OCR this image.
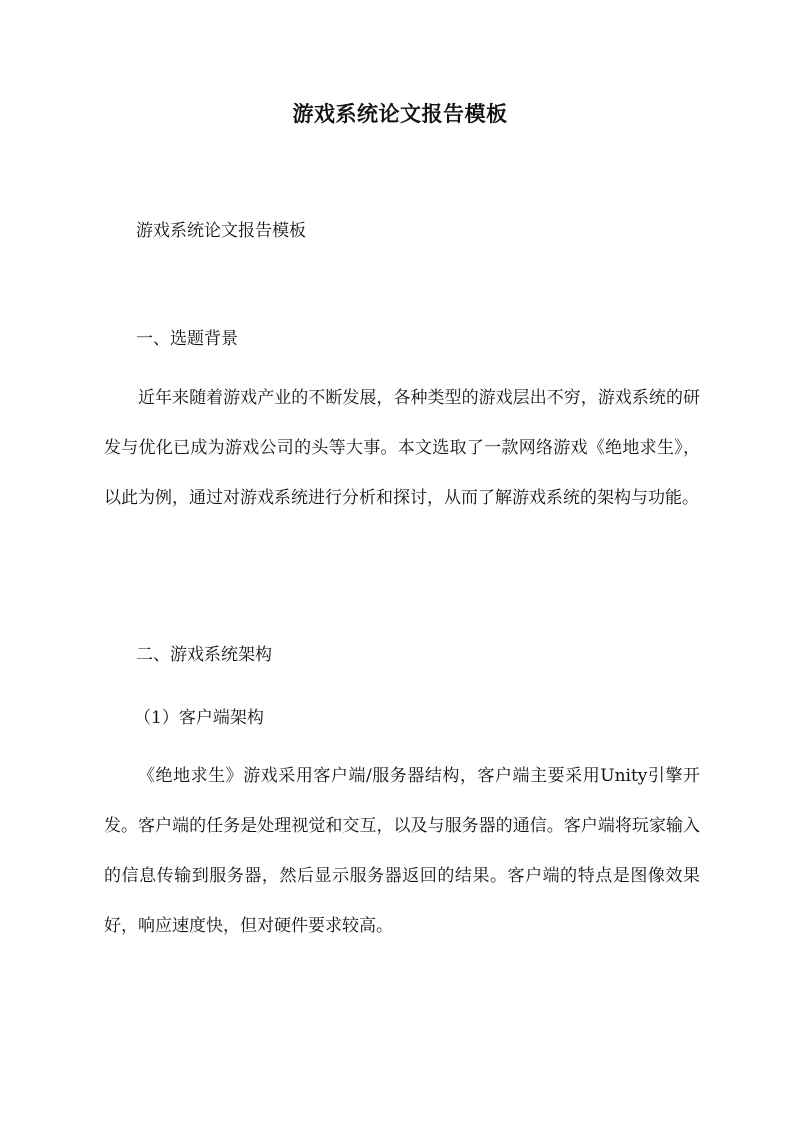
游戏系统论文报告模板
游戏系统论文报告模板
一、选题背景

近年来随着游戏产业的不断发展，各种类型的游戏层出不穷，游戏系统的研发与优化已成为游戏公司的头等大事。本文选取了一款网络游戏《绝地求生》，以此为例，通过对游戏系统进行分析和探讨，从而了解游戏系统的架构与功能。

二、游戏系统架构
（1）客户端架构

《绝地求生》游戏采用客户端/服务器结构，客户端主要采用Unity引擎开发。客户端的任务是处理视觉和交互，以及与服务器的通信。客户端将玩家输入的信息传输到服务器，然后显示服务器返回的结果。客户端的特点是图像效果好，响应速度快，但对硬件要求较高。
